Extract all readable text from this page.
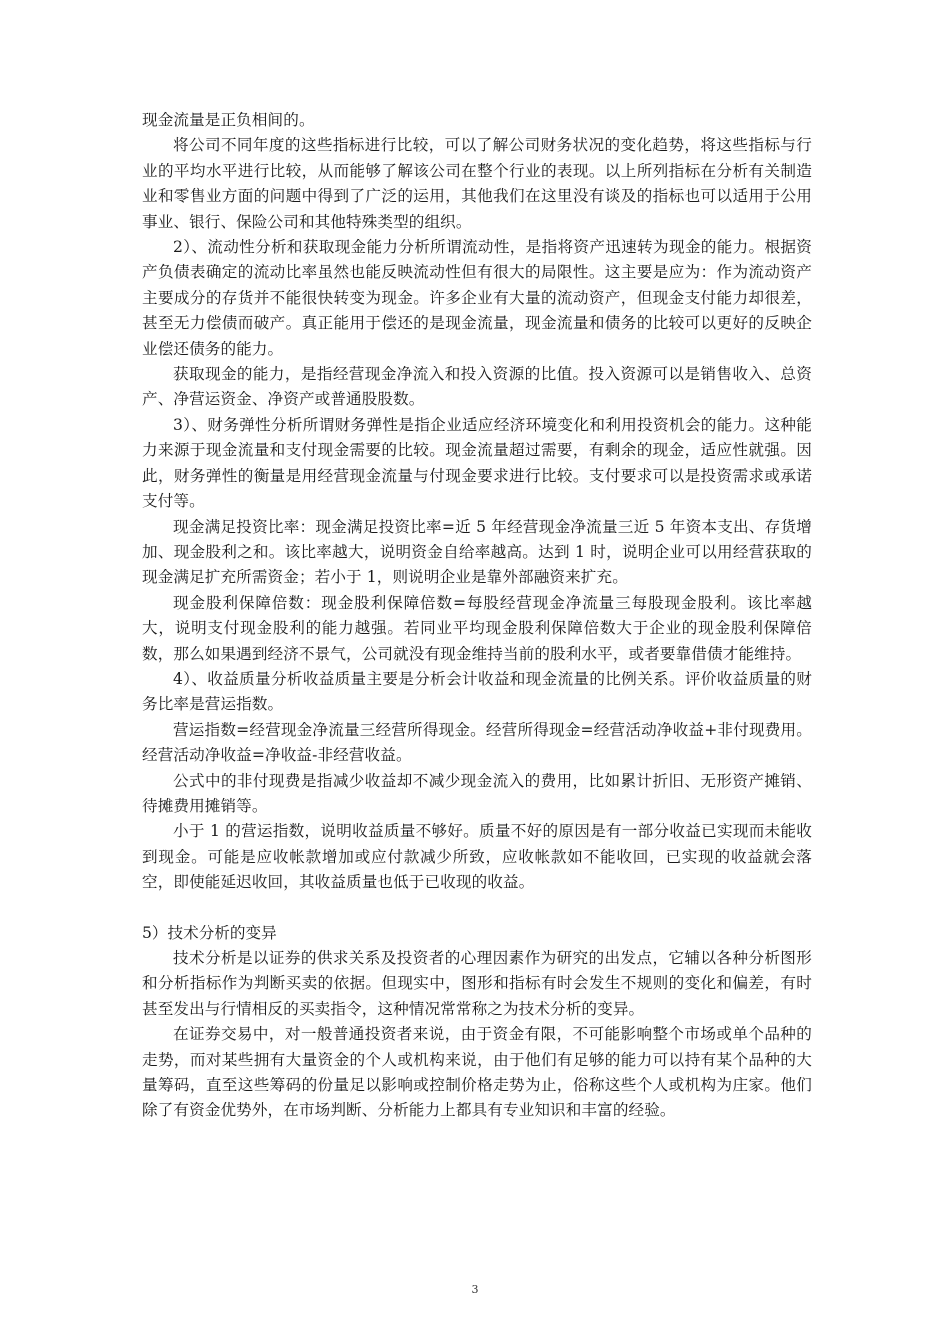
现金流量是正负相间的。

将公司不同年度的这些指标进行比较，可以了解公司财务状况的变化趋势，将这些指标与行业的平均水平进行比较，从而能够了解该公司在整个行业的表现。以上所列指标在分析有关制造业和零售业方面的问题中得到了广泛的运用，其他我们在这里没有谈及的指标也可以适用于公用事业、银行、保险公司和其他特殊类型的组织。

2）、流动性分析和获取现金能力分析所谓流动性，是指将资产迅速转为现金的能力。根据资产负债表确定的流动比率虽然也能反映流动性但有很大的局限性。这主要是应为：作为流动资产主要成分的存货并不能很快转变为现金。许多企业有大量的流动资产，但现金支付能力却很差，甚至无力偿债而破产。真正能用于偿还的是现金流量，现金流量和债务的比较可以更好的反映企业偿还债务的能力。

获取现金的能力，是指经营现金净流入和投入资源的比值。投入资源可以是销售收入、总资产、净营运资金、净资产或普通股股数。

3）、财务弹性分析所谓财务弹性是指企业适应经济环境变化和利用投资机会的能力。这种能力来源于现金流量和支付现金需要的比较。现金流量超过需要，有剩余的现金，适应性就强。因此，财务弹性的衡量是用经营现金流量与付现金要求进行比较。支付要求可以是投资需求或承诺支付等。

现金满足投资比率：现金满足投资比率=近 5 年经营现金净流量三近 5 年资本支出、存货增加、现金股利之和。该比率越大，说明资金自给率越高。达到 1 时，说明企业可以用经营获取的现金满足扩充所需资金；若小于 1，则说明企业是靠外部融资来扩充。

现金股利保障倍数：现金股利保障倍数=每股经营现金净流量三每股现金股利。该比率越大，说明支付现金股利的能力越强。若同业平均现金股利保障倍数大于企业的现金股利保障倍数，那么如果遇到经济不景气，公司就没有现金维持当前的股利水平，或者要靠借债才能维持。

4）、收益质量分析收益质量主要是分析会计收益和现金流量的比例关系。评价收益质量的财务比率是营运指数。

营运指数=经营现金净流量三经营所得现金。经营所得现金=经营活动净收益+非付现费用。经营活动净收益=净收益-非经营收益。

公式中的非付现费是指减少收益却不减少现金流入的费用，比如累计折旧、无形资产摊销、待摊费用摊销等。

小于 1 的营运指数，说明收益质量不够好。质量不好的原因是有一部分收益已实现而未能收到现金。可能是应收帐款增加或应付款减少所致，应收帐款如不能收回，已实现的收益就会落空，即使能延迟收回，其收益质量也低于已收现的收益。

5）技术分析的变异

技术分析是以证券的供求关系及投资者的心理因素作为研究的出发点，它辅以各种分析图形和分析指标作为判断买卖的依据。但现实中，图形和指标有时会发生不规则的变化和偏差，有时甚至发出与行情相反的买卖指令，这种情况常常称之为技术分析的变异。

在证券交易中，对一般普通投资者来说，由于资金有限，不可能影响整个市场或单个品种的走势，而对某些拥有大量资金的个人或机构来说，由于他们有足够的能力可以持有某个品种的大量筹码，直至这些筹码的份量足以影响或控制价格走势为止，俗称这些个人或机构为庄家。他们除了有资金优势外，在市场判断、分析能力上都具有专业知识和丰富的经验。

3
